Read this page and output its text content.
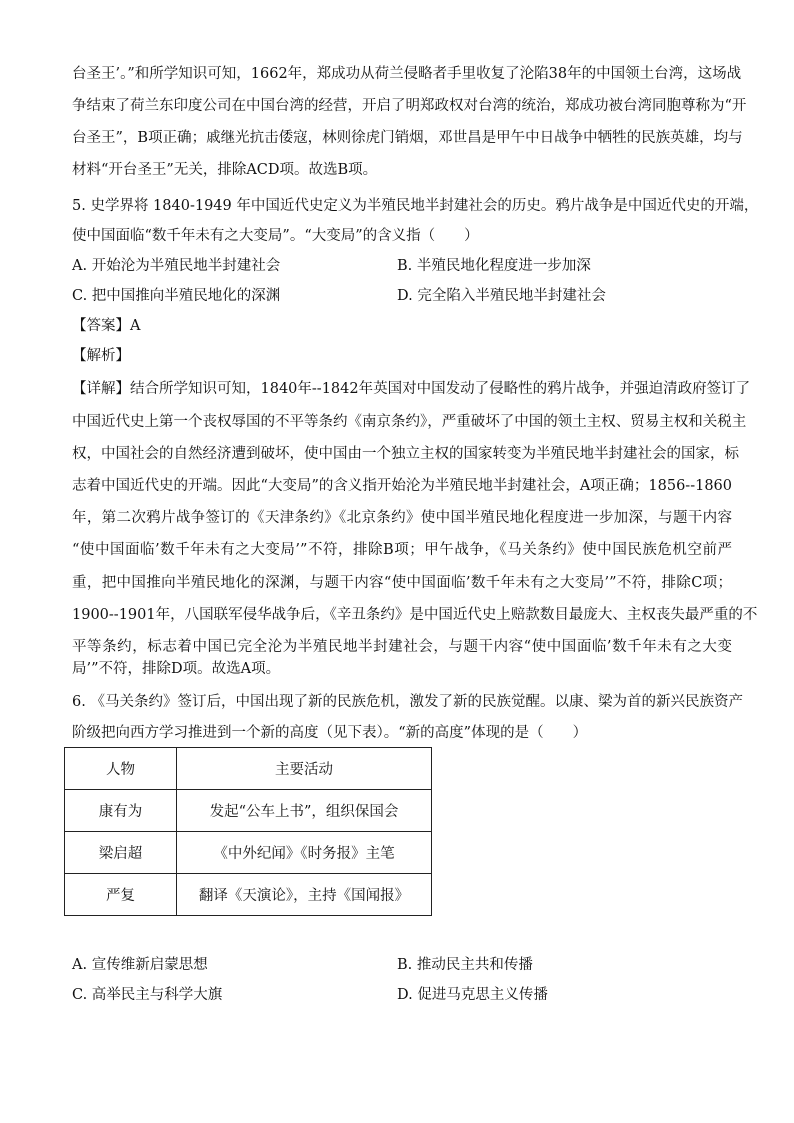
台圣王’。”和所学知识可知，1662年，郑成功从荷兰侵略者手里收复了沦陷38年的中国领土台湾，这场战
争结束了荷兰东印度公司在中国台湾的经营，开启了明郑政权对台湾的统治，郑成功被台湾同胞尊称为“开
台圣王”，B项正确；戚继光抗击倭寇，林则徐虎门销烟，邓世昌是甲午中日战争中牺牲的民族英雄，均与
材料“开台圣王”无关，排除ACD项。故选B项。
5. 史学界将 1840-1949 年中国近代史定义为半殖民地半封建社会的历史。鸦片战争是中国近代史的开端，
使中国面临“数千年未有之大变局”。“大变局”的含义指（　　）
A. 开始沦为半殖民地半封建社会	B. 半殖民地化程度进一步加深
C. 把中国推向半殖民地化的深渊	D. 完全陷入半殖民地半封建社会
【答案】A
【解析】
【详解】结合所学知识可知，1840年--1842年英国对中国发动了侵略性的鸦片战争，并强迫清政府签订了
中国近代史上第一个丧权辱国的不平等条约《南京条约》，严重破坏了中国的领土主权、贸易主权和关税主
权，中国社会的自然经济遭到破坏，使中国由一个独立主权的国家转变为半殖民地半封建社会的国家，标
志着中国近代史的开端。因此“大变局”的含义指开始沦为半殖民地半封建社会，A项正确；1856--1860
年，第二次鸦片战争签订的《天津条约》《北京条约》使中国半殖民地化程度进一步加深，与题干内容
“使中国面临’数千年未有之大变局’”不符，排除B项；甲午战争，《马关条约》使中国民族危机空前严
重，把中国推向半殖民地化的深渊，与题干内容“使中国面临’数千年未有之大变局’”不符，排除C项；
1900--1901年，八国联军侵华战争后，《辛丑条约》是中国近代史上赔款数目最庞大、主权丧失最严重的不
平等条约，标志着中国已完全沦为半殖民地半封建社会，与题干内容“使中国面临’数千年未有之大变
局’”不符，排除D项。故选A项。
6. 《马关条约》签订后，中国出现了新的民族危机，激发了新的民族觉醒。以康、梁为首的新兴民族资产
阶级把向西方学习推进到一个新的高度（见下表）。“新的高度”体现的是（　　）
人物	主要活动
康有为	发起“公车上书”，组织保国会
梁启超	《中外纪闻》《时务报》主笔
严复	翻译《天演论》，主持《国闻报》
A. 宣传维新启蒙思想	B. 推动民主共和传播
C. 高举民主与科学大旗	D. 促进马克思主义传播
